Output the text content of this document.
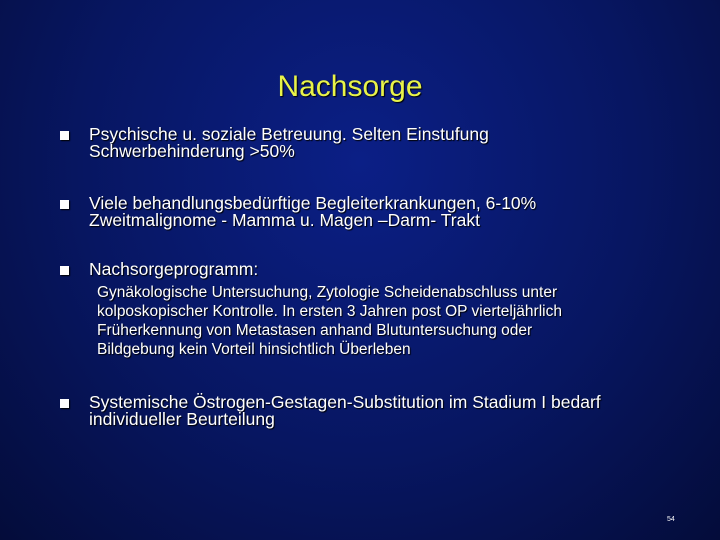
Nachsorge
Psychische u. soziale Betreuung. Selten Einstufung
Schwerbehinderung >50%
Viele behandlungsbedürftige Begleiterkrankungen, 6-10%
Zweitmalignome - Mamma u. Magen –Darm- Trakt
Nachsorgeprogramm:
Gynäkologische Untersuchung, Zytologie Scheidenabschluss unter
kolposkopischer Kontrolle. In ersten 3 Jahren post OP vierteljährlich
Früherkennung von Metastasen anhand Blutuntersuchung oder
Bildgebung kein Vorteil hinsichtlich Überleben
Systemische Östrogen-Gestagen-Substitution im Stadium I bedarf
individueller Beurteilung
54
